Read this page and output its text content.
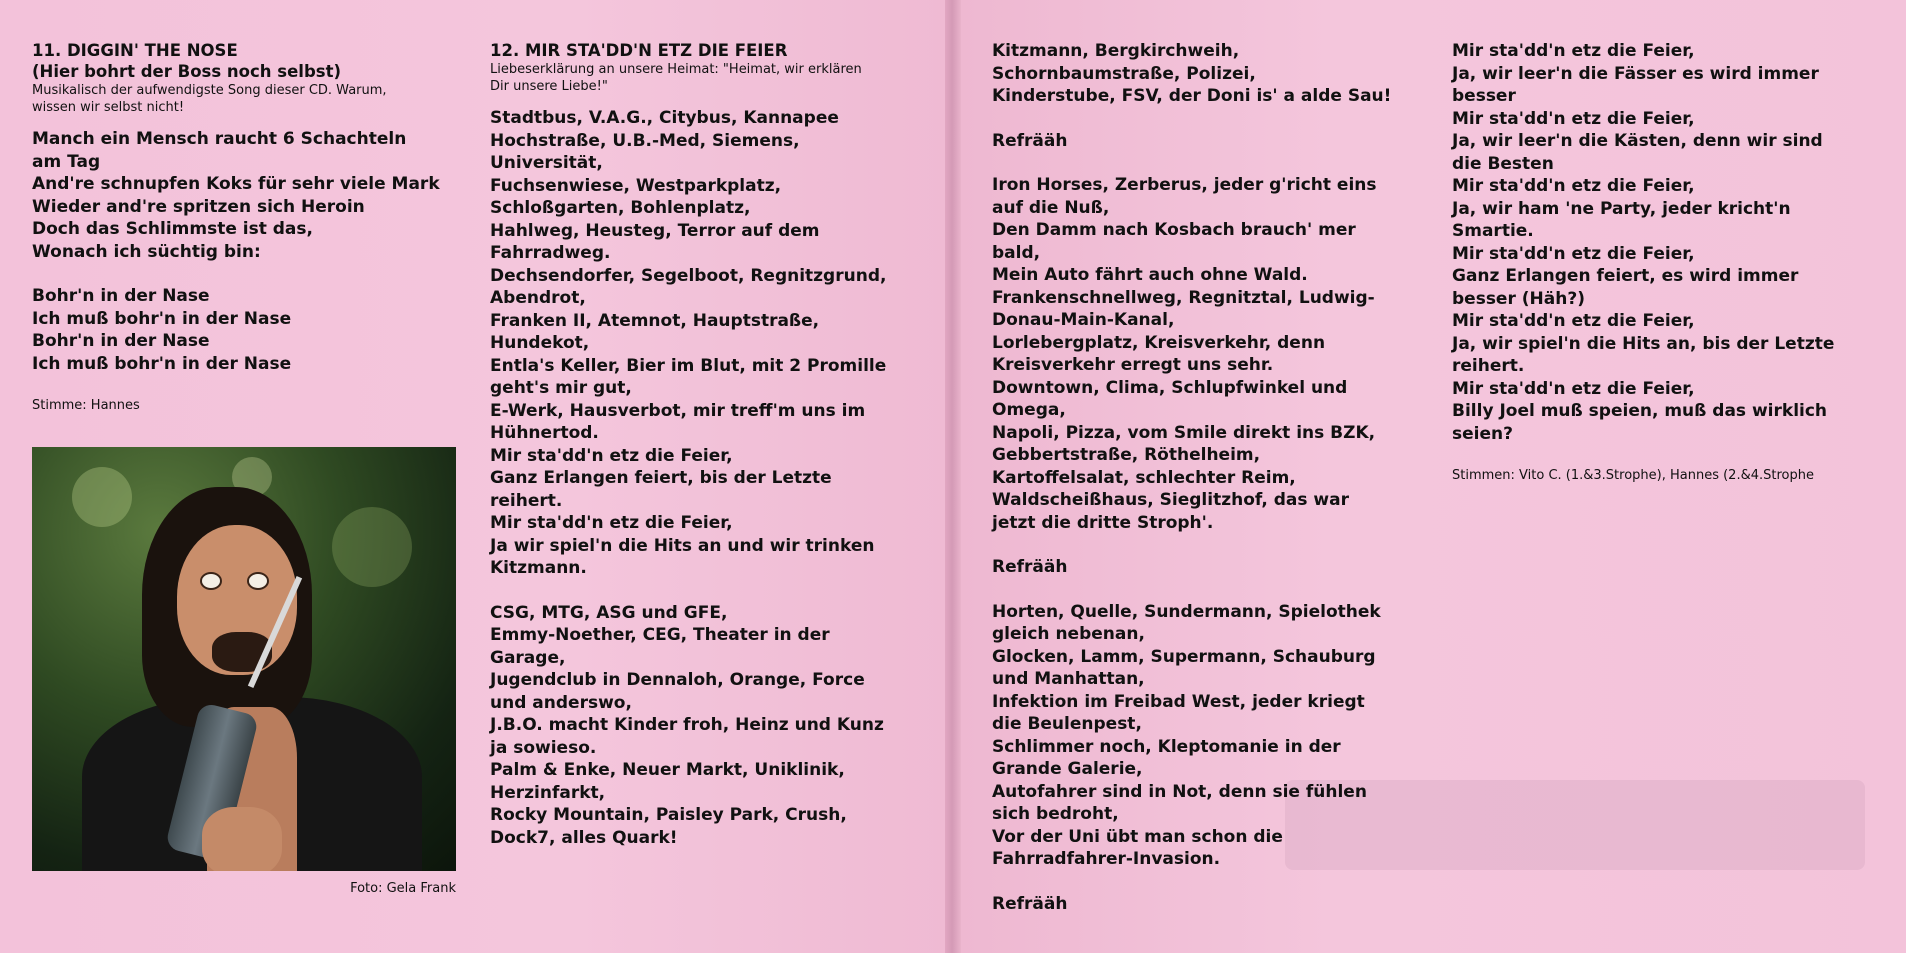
11. DIGGIN' THE NOSE

(Hier bohrt der Boss noch selbst)

Musikalisch der aufwendigste Song dieser CD. Warum,
wissen wir selbst nicht!

Manch ein Mensch raucht 6 Schachteln
am Tag
And're schnupfen Koks für sehr viele Mark
Wieder and're spritzen sich Heroin
Doch das Schlimmste ist das,
Wonach ich süchtig bin:

Bohr'n in der Nase
Ich muß bohr'n in der Nase
Bohr'n in der Nase
Ich muß bohr'n in der Nase

Stimme: Hannes

Foto: Gela Frank

12. MIR STA'DD'N ETZ DIE FEIER

Liebeserklärung an unsere Heimat: "Heimat, wir erklären
Dir unsere Liebe!"

Stadtbus, V.A.G., Citybus, Kannapee
Hochstraße, U.B.-Med, Siemens,
Universität,
Fuchsenwiese, Westparkplatz,
Schloßgarten, Bohlenplatz,
Hahlweg, Heusteg, Terror auf dem
Fahrradweg.
Dechsendorfer, Segelboot, Regnitzgrund,
Abendrot,
Franken II, Atemnot, Hauptstraße,
Hundekot,
Entla's Keller, Bier im Blut, mit 2 Promille
geht's mir gut,
E-Werk, Hausverbot, mir treff'm uns im
Hühnertod.
Mir sta'dd'n etz die Feier,
Ganz Erlangen feiert, bis der Letzte
reihert.
Mir sta'dd'n etz die Feier,
Ja wir spiel'n die Hits an und wir trinken
Kitzmann.

CSG, MTG, ASG und GFE,
Emmy-Noether, CEG, Theater in der
Garage,
Jugendclub in Dennaloh, Orange, Force
und anderswo,
J.B.O. macht Kinder froh, Heinz und Kunz
ja sowieso.
Palm & Enke, Neuer Markt, Uniklinik,
Herzinfarkt,
Rocky Mountain, Paisley Park, Crush,
Dock7, alles Quark!

Kitzmann, Bergkirchweih,
Schornbaumstraße, Polizei,
Kinderstube, FSV, der Doni is' a alde Sau!

Refrääh

Iron Horses, Zerberus, jeder g'richt eins
auf die Nuß,
Den Damm nach Kosbach brauch' mer
bald,
Mein Auto fährt auch ohne Wald.
Frankenschnellweg, Regnitztal, Ludwig-
Donau-Main-Kanal,
Lorlebergplatz, Kreisverkehr, denn
Kreisverkehr erregt uns sehr.
Downtown, Clima, Schlupfwinkel und
Omega,
Napoli, Pizza, vom Smile direkt ins BZK,
Gebbertstraße, Röthelheim,
Kartoffelsalat, schlechter Reim,
Waldscheißhaus, Sieglitzhof, das war
jetzt die dritte Stroph'.

Refrääh

Horten, Quelle, Sundermann, Spielothek
gleich nebenan,
Glocken, Lamm, Supermann, Schauburg
und Manhattan,
Infektion im Freibad West, jeder kriegt
die Beulenpest,
Schlimmer noch, Kleptomanie in der
Grande Galerie,
Autofahrer sind in Not, denn sie fühlen
sich bedroht,
Vor der Uni übt man schon die
Fahrradfahrer-Invasion.

Refrääh

Mir sta'dd'n etz die Feier,
Ja, wir leer'n die Fässer es wird immer
besser
Mir sta'dd'n etz die Feier,
Ja, wir leer'n die Kästen, denn wir sind
die Besten
Mir sta'dd'n etz die Feier,
Ja, wir ham 'ne Party, jeder kricht'n
Smartie.
Mir sta'dd'n etz die Feier,
Ganz Erlangen feiert, es wird immer
besser (Häh?)
Mir sta'dd'n etz die Feier,
Ja, wir spiel'n die Hits an, bis der Letzte
reihert.
Mir sta'dd'n etz die Feier,
Billy Joel muß speien, muß das wirklich
seien?

Stimmen: Vito C. (1.&3.Strophe), Hannes (2.&4.Strophe
